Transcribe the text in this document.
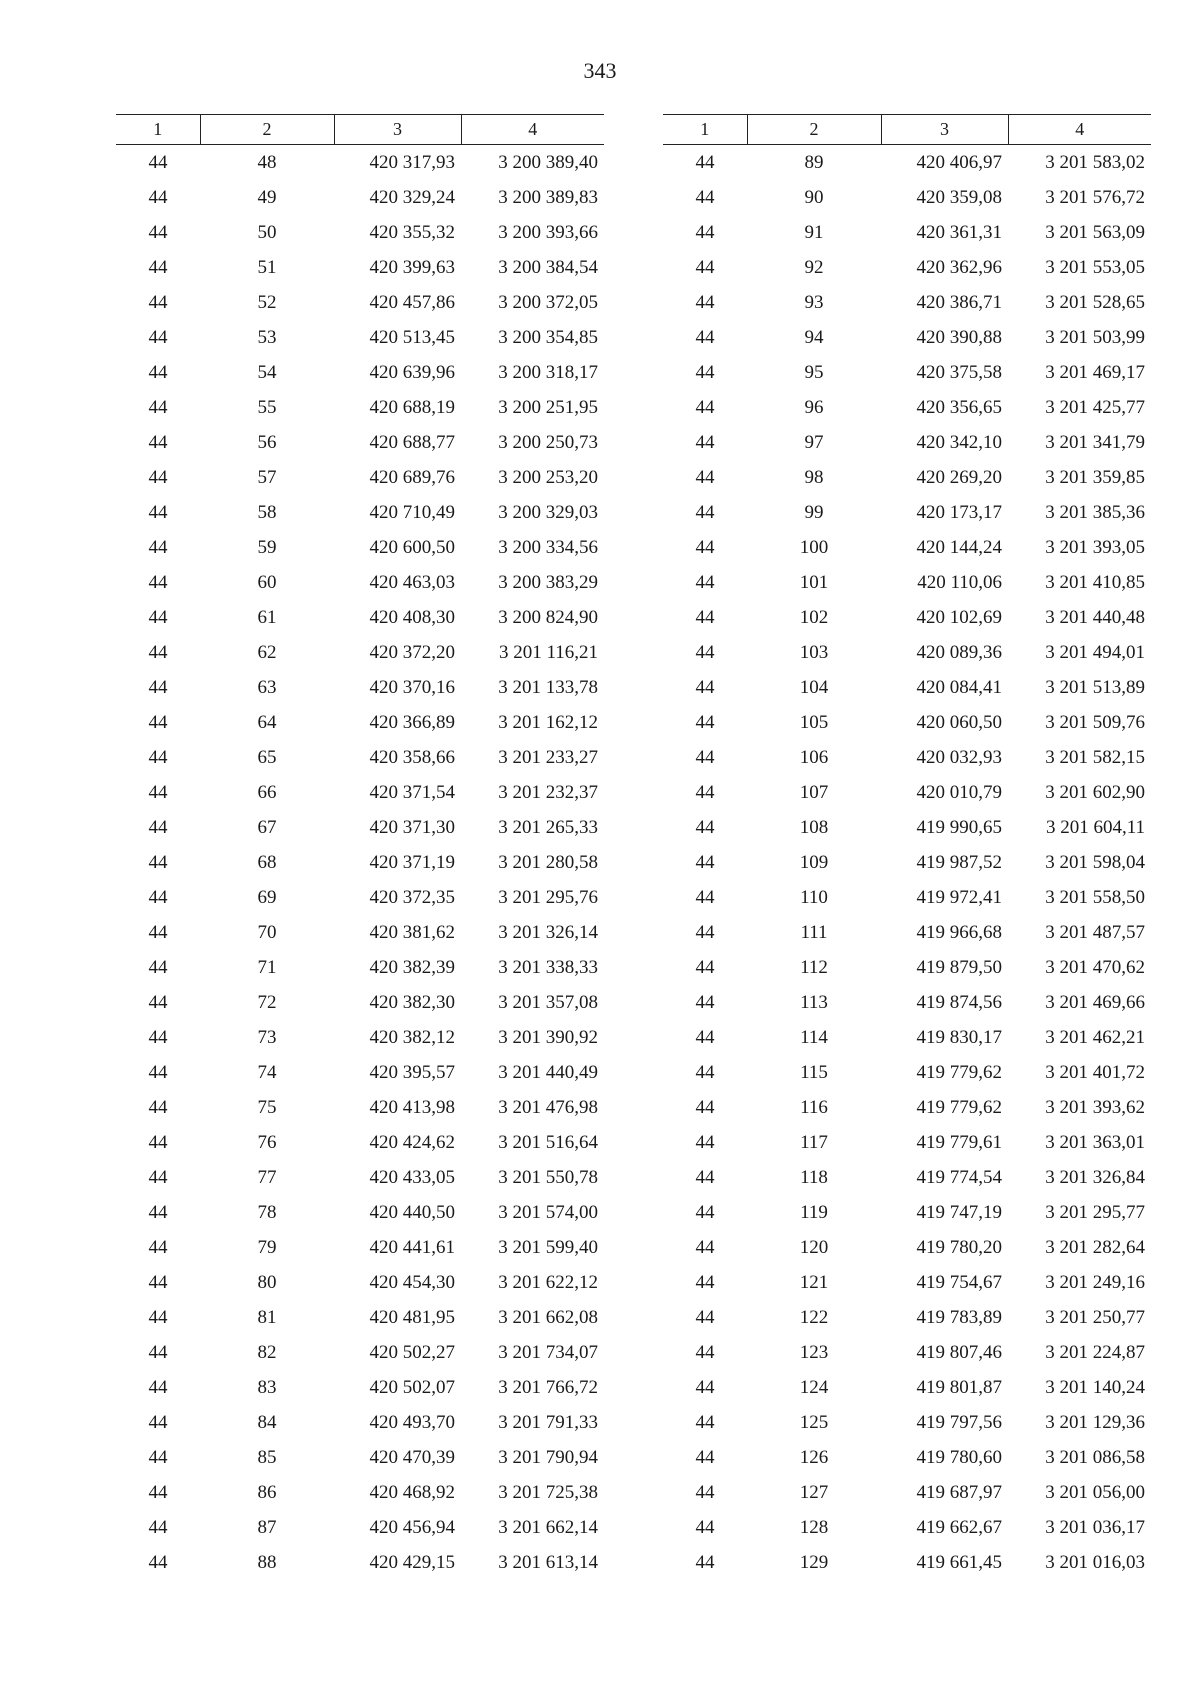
343
1	2	3	4
44	48	420 317,93	3 200 389,40
44	49	420 329,24	3 200 389,83
44	50	420 355,32	3 200 393,66
44	51	420 399,63	3 200 384,54
44	52	420 457,86	3 200 372,05
44	53	420 513,45	3 200 354,85
44	54	420 639,96	3 200 318,17
44	55	420 688,19	3 200 251,95
44	56	420 688,77	3 200 250,73
44	57	420 689,76	3 200 253,20
44	58	420 710,49	3 200 329,03
44	59	420 600,50	3 200 334,56
44	60	420 463,03	3 200 383,29
44	61	420 408,30	3 200 824,90
44	62	420 372,20	3 201 116,21
44	63	420 370,16	3 201 133,78
44	64	420 366,89	3 201 162,12
44	65	420 358,66	3 201 233,27
44	66	420 371,54	3 201 232,37
44	67	420 371,30	3 201 265,33
44	68	420 371,19	3 201 280,58
44	69	420 372,35	3 201 295,76
44	70	420 381,62	3 201 326,14
44	71	420 382,39	3 201 338,33
44	72	420 382,30	3 201 357,08
44	73	420 382,12	3 201 390,92
44	74	420 395,57	3 201 440,49
44	75	420 413,98	3 201 476,98
44	76	420 424,62	3 201 516,64
44	77	420 433,05	3 201 550,78
44	78	420 440,50	3 201 574,00
44	79	420 441,61	3 201 599,40
44	80	420 454,30	3 201 622,12
44	81	420 481,95	3 201 662,08
44	82	420 502,27	3 201 734,07
44	83	420 502,07	3 201 766,72
44	84	420 493,70	3 201 791,33
44	85	420 470,39	3 201 790,94
44	86	420 468,92	3 201 725,38
44	87	420 456,94	3 201 662,14
44	88	420 429,15	3 201 613,14
1	2	3	4
44	89	420 406,97	3 201 583,02
44	90	420 359,08	3 201 576,72
44	91	420 361,31	3 201 563,09
44	92	420 362,96	3 201 553,05
44	93	420 386,71	3 201 528,65
44	94	420 390,88	3 201 503,99
44	95	420 375,58	3 201 469,17
44	96	420 356,65	3 201 425,77
44	97	420 342,10	3 201 341,79
44	98	420 269,20	3 201 359,85
44	99	420 173,17	3 201 385,36
44	100	420 144,24	3 201 393,05
44	101	420 110,06	3 201 410,85
44	102	420 102,69	3 201 440,48
44	103	420 089,36	3 201 494,01
44	104	420 084,41	3 201 513,89
44	105	420 060,50	3 201 509,76
44	106	420 032,93	3 201 582,15
44	107	420 010,79	3 201 602,90
44	108	419 990,65	3 201 604,11
44	109	419 987,52	3 201 598,04
44	110	419 972,41	3 201 558,50
44	111	419 966,68	3 201 487,57
44	112	419 879,50	3 201 470,62
44	113	419 874,56	3 201 469,66
44	114	419 830,17	3 201 462,21
44	115	419 779,62	3 201 401,72
44	116	419 779,62	3 201 393,62
44	117	419 779,61	3 201 363,01
44	118	419 774,54	3 201 326,84
44	119	419 747,19	3 201 295,77
44	120	419 780,20	3 201 282,64
44	121	419 754,67	3 201 249,16
44	122	419 783,89	3 201 250,77
44	123	419 807,46	3 201 224,87
44	124	419 801,87	3 201 140,24
44	125	419 797,56	3 201 129,36
44	126	419 780,60	3 201 086,58
44	127	419 687,97	3 201 056,00
44	128	419 662,67	3 201 036,17
44	129	419 661,45	3 201 016,03
